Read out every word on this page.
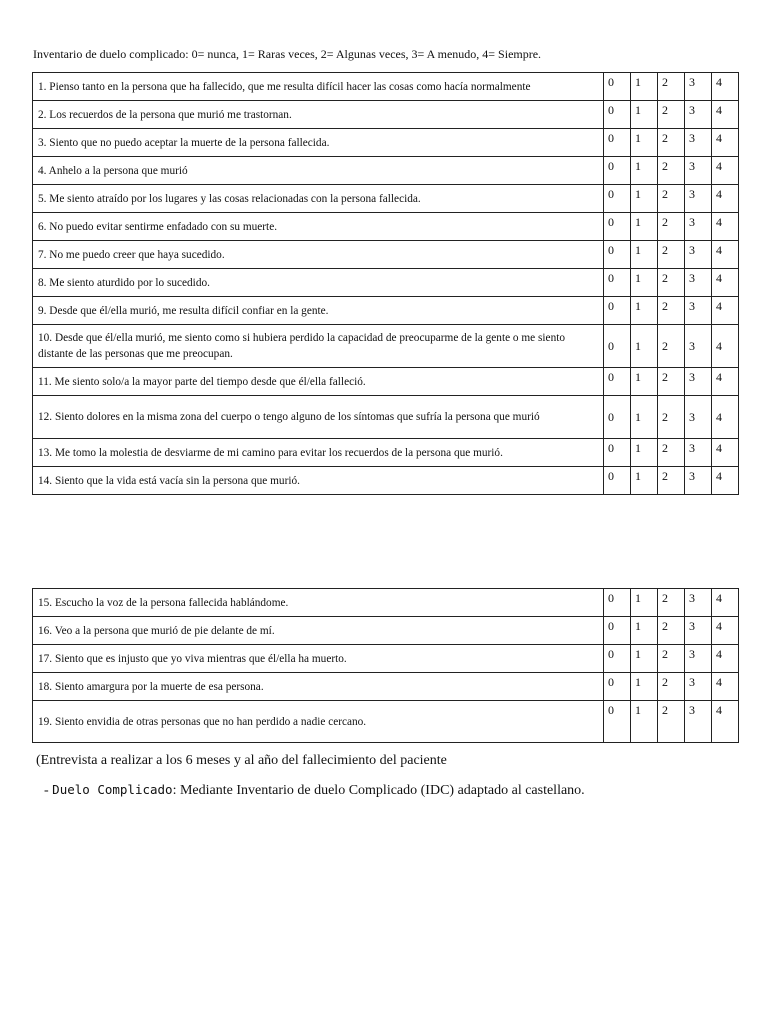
Inventario de duelo complicado: 0= nunca, 1= Raras veces, 2= Algunas veces, 3= A menudo, 4= Siempre.
1. Pienso tanto en la persona que ha fallecido, que me resulta difícil hacer las cosas como hacía normalmente	0	1	2	3	4
2. Los recuerdos de la persona que murió me trastornan.	0	1	2	3	4
3. Siento que no puedo aceptar la muerte de la persona fallecida.	0	1	2	3	4
4. Anhelo a la persona que murió	0	1	2	3	4
5. Me siento atraído por los lugares y las cosas relacionadas con la persona fallecida.	0	1	2	3	4
6. No puedo evitar sentirme enfadado con su muerte.	0	1	2	3	4
7. No me puedo creer que haya sucedido.	0	1	2	3	4
8. Me siento aturdido por lo sucedido.	0	1	2	3	4
9. Desde que él/ella murió, me resulta difícil confiar en la gente.	0	1	2	3	4
10. Desde que él/ella murió, me siento como si hubiera perdido la capacidad de preocuparme de la gente o me siento distante de las personas que me preocupan.	0	1	2	3	4
11. Me siento solo/a la mayor parte del tiempo desde que él/ella falleció.	0	1	2	3	4
12. Siento dolores en la misma zona del cuerpo o tengo alguno de los síntomas que sufría la persona que murió	0	1	2	3	4
13. Me tomo la molestia de desviarme de mi camino para evitar los recuerdos de la persona que murió.	0	1	2	3	4
14. Siento que la vida está vacía sin la persona que murió.	0	1	2	3	4
15. Escucho la voz de la persona fallecida hablándome.	0	1	2	3	4
16. Veo a la persona que murió de pie delante de mí.	0	1	2	3	4
17. Siento que es injusto que yo viva mientras que él/ella ha muerto.	0	1	2	3	4
18. Siento amargura por la muerte de esa persona.	0	1	2	3	4
19. Siento envidia de otras personas que no han perdido a nadie cercano.	0	1	2	3	4
(Entrevista a realizar a los 6 meses y al año del fallecimiento del paciente
- Duelo Complicado: Mediante Inventario de duelo Complicado (IDC) adaptado al castellano.
